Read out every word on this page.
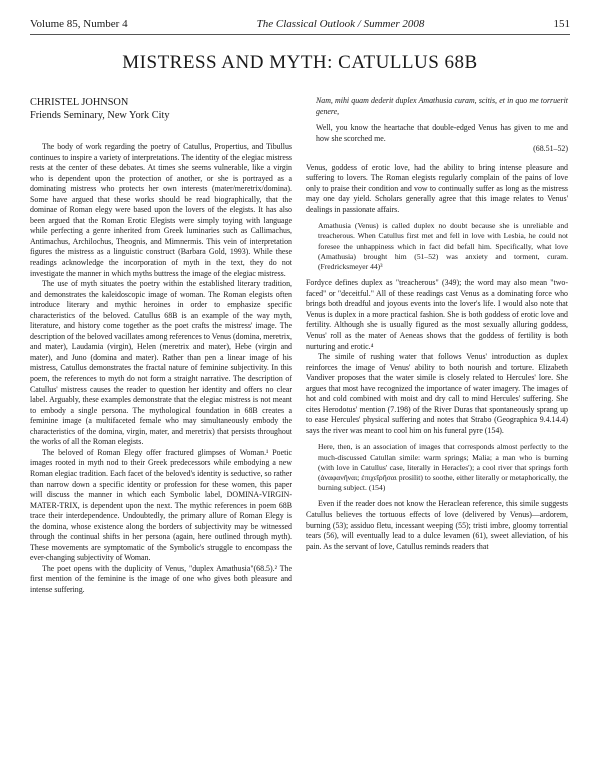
Volume 85, Number 4	The Classical Outlook / Summer 2008	151
MISTRESS AND MYTH: CATULLUS 68B
CHRISTEL JOHNSON
Friends Seminary, New York City

The body of work regarding the poetry of Catullus, Propertius, and Tibullus continues to inspire a variety of interpretations. The identity of the elegiac mistress rests at the center of these debates. At times she seems vulnerable, like a virgin who is dependent upon the protection of another, or she is portrayed as a dominating mistress who protects her own interests (mater/meretrix/domina). Some have argued that these works should be read biographically, that the dominae of Roman elegy were based upon the lovers of the elegists. It has also been argued that the Roman Erotic Elegists were simply toying with language while perfecting a genre inherited from Greek luminaries such as Callimachus, Antimachus, Archilochus, Theognis, and Mimnermis. This vein of interpretation figures the mistress as a linguistic construct (Barbara Gold, 1993). While these readings acknowledge the incorporation of myth in the text, they do not investigate the manner in which myths buttress the image of the elegiac mistress.

The use of myth situates the poetry within the established literary tradition, and demonstrates the kaleidoscopic image of woman. The Roman elegists often introduce literary and mythic heroines in order to emphasize specific characteristics of the beloved. Catullus 68B is an example of the way myth, literature, and history come together as the poet crafts the mistress' image. The description of the beloved vacillates among references to Venus (domina, meretrix, and mater), Laudamia (virgin), Helen (meretrix and mater), Hebe (virgin and mater), and Juno (domina and mater). Rather than pen a linear image of his mistress, Catullus demonstrates the fractal nature of feminine subjectivity. In this poem, the references to myth do not form a straight narrative. The description of Catullus' mistress causes the reader to question her identity and offers no clear label. Arguably, these examples demonstrate that the elegiac mistress is not meant to embody a single persona. The mythological foundation in 68B creates a feminine image (a multifaceted female who may simultaneously embody the characteristics of the domina, virgin, mater, and meretrix) that persists throughout the works of all the Roman elegists.

The beloved of Roman Elegy offer fractured glimpses of Woman.¹ Poetic images rooted in myth nod to their Greek predecessors while embodying a new Roman elegiac tradition. Each facet of the beloved's identity is seductive, so rather than narrow down a specific identity or profession for these women, this paper will discuss the manner in which each Symbolic label, DOMINA-VIRGIN-MATER-TRIX, is dependent upon the next. The mythic references in poem 68B trace their interdependence. Undoubtedly, the primary allure of Roman Elegy is the domina, whose existence along the borders of subjectivity may be witnessed through the continual shifts in her persona (again, here outlined through myth). These movements are symptomatic of the Symbolic's struggle to encompass the ever-changing subjectivity of Woman.

The poet opens with the duplicity of Venus, "duplex Amathusia"(68.5).² The first mention of the feminine is the image of one who gives both pleasure and intense suffering.

Nam, mihi quam dederit duplex Amathusia curam, scitis, et in quo me torruerit genere,

Well, you know the heartache that double-edged Venus has given to me and how she scorched me.

(68.51–52)

Venus, goddess of erotic love, had the ability to bring intense pleasure and suffering to lovers. The Roman elegists regularly complain of the pains of love only to praise their condition and vow to continually suffer as long as the mistress may one day yield. Scholars generally agree that this image relates to Venus' dealings in passionate affairs.

Amathusia (Venus) is called duplex no doubt because she is unreliable and treacherous. When Catullus first met and fell in love with Lesbia, he could not foresee the unhappiness which in fact did befall him. Specifically, what love (Amathusia) brought him (51–52) was anxiety and torment, curam. (Fredricksmeyer 44)³

Fordyce defines duplex as "treacherous" (349); the word may also mean "two-faced" or "deceitful." All of these readings cast Venus as a dominating force who brings both dreadful and joyous events into the lover's life. I would also note that Venus is duplex in a more practical fashion. She is both goddess of erotic love and fertility. Although she is usually figured as the most sexually alluring goddess, Venus' roll as the mater of Aeneas shows that the goddess of fertility is both nurturing and erotic.⁴

The simile of rushing water that follows Venus' introduction as duplex reinforces the image of Venus' ability to both nourish and torture. Elizabeth Vandiver proposes that the water simile is closely related to Hercules' lore. She argues that most have recognized the importance of water imagery. The images of hot and cold combined with moist and dry call to mind Hercules' suffering. She cites Herodotus' mention (7.198) of the River Duras that spontaneously sprang up to ease Hercules' physical suffering and notes that Strabo (Geographica 9.4.14.4) says the river was meant to cool him on his funeral pyre (154).

Here, then, is an association of images that corresponds almost perfectly to the much-discussed Catullan simile: warm springs; Malia; a man who is burning (with love in Catullus' case, literally in Heracles'); a cool river that springs forth (ἀναφανῆναι; ἐπιχεῖρῆσαι prosilit) to soothe, either literally or metaphorically, the burning subject. (154)

Even if the reader does not know the Heraclean reference, this simile suggests Catullus believes the tortuous effects of love (delivered by Venus)—ardorem, burning (53); assiduo fletu, incessant weeping (55); tristi imbre, gloomy torrential tears (56), will eventually lead to a dulce levamen (61), sweet alleviation, of his pain. As the servant of love, Catullus reminds readers that
